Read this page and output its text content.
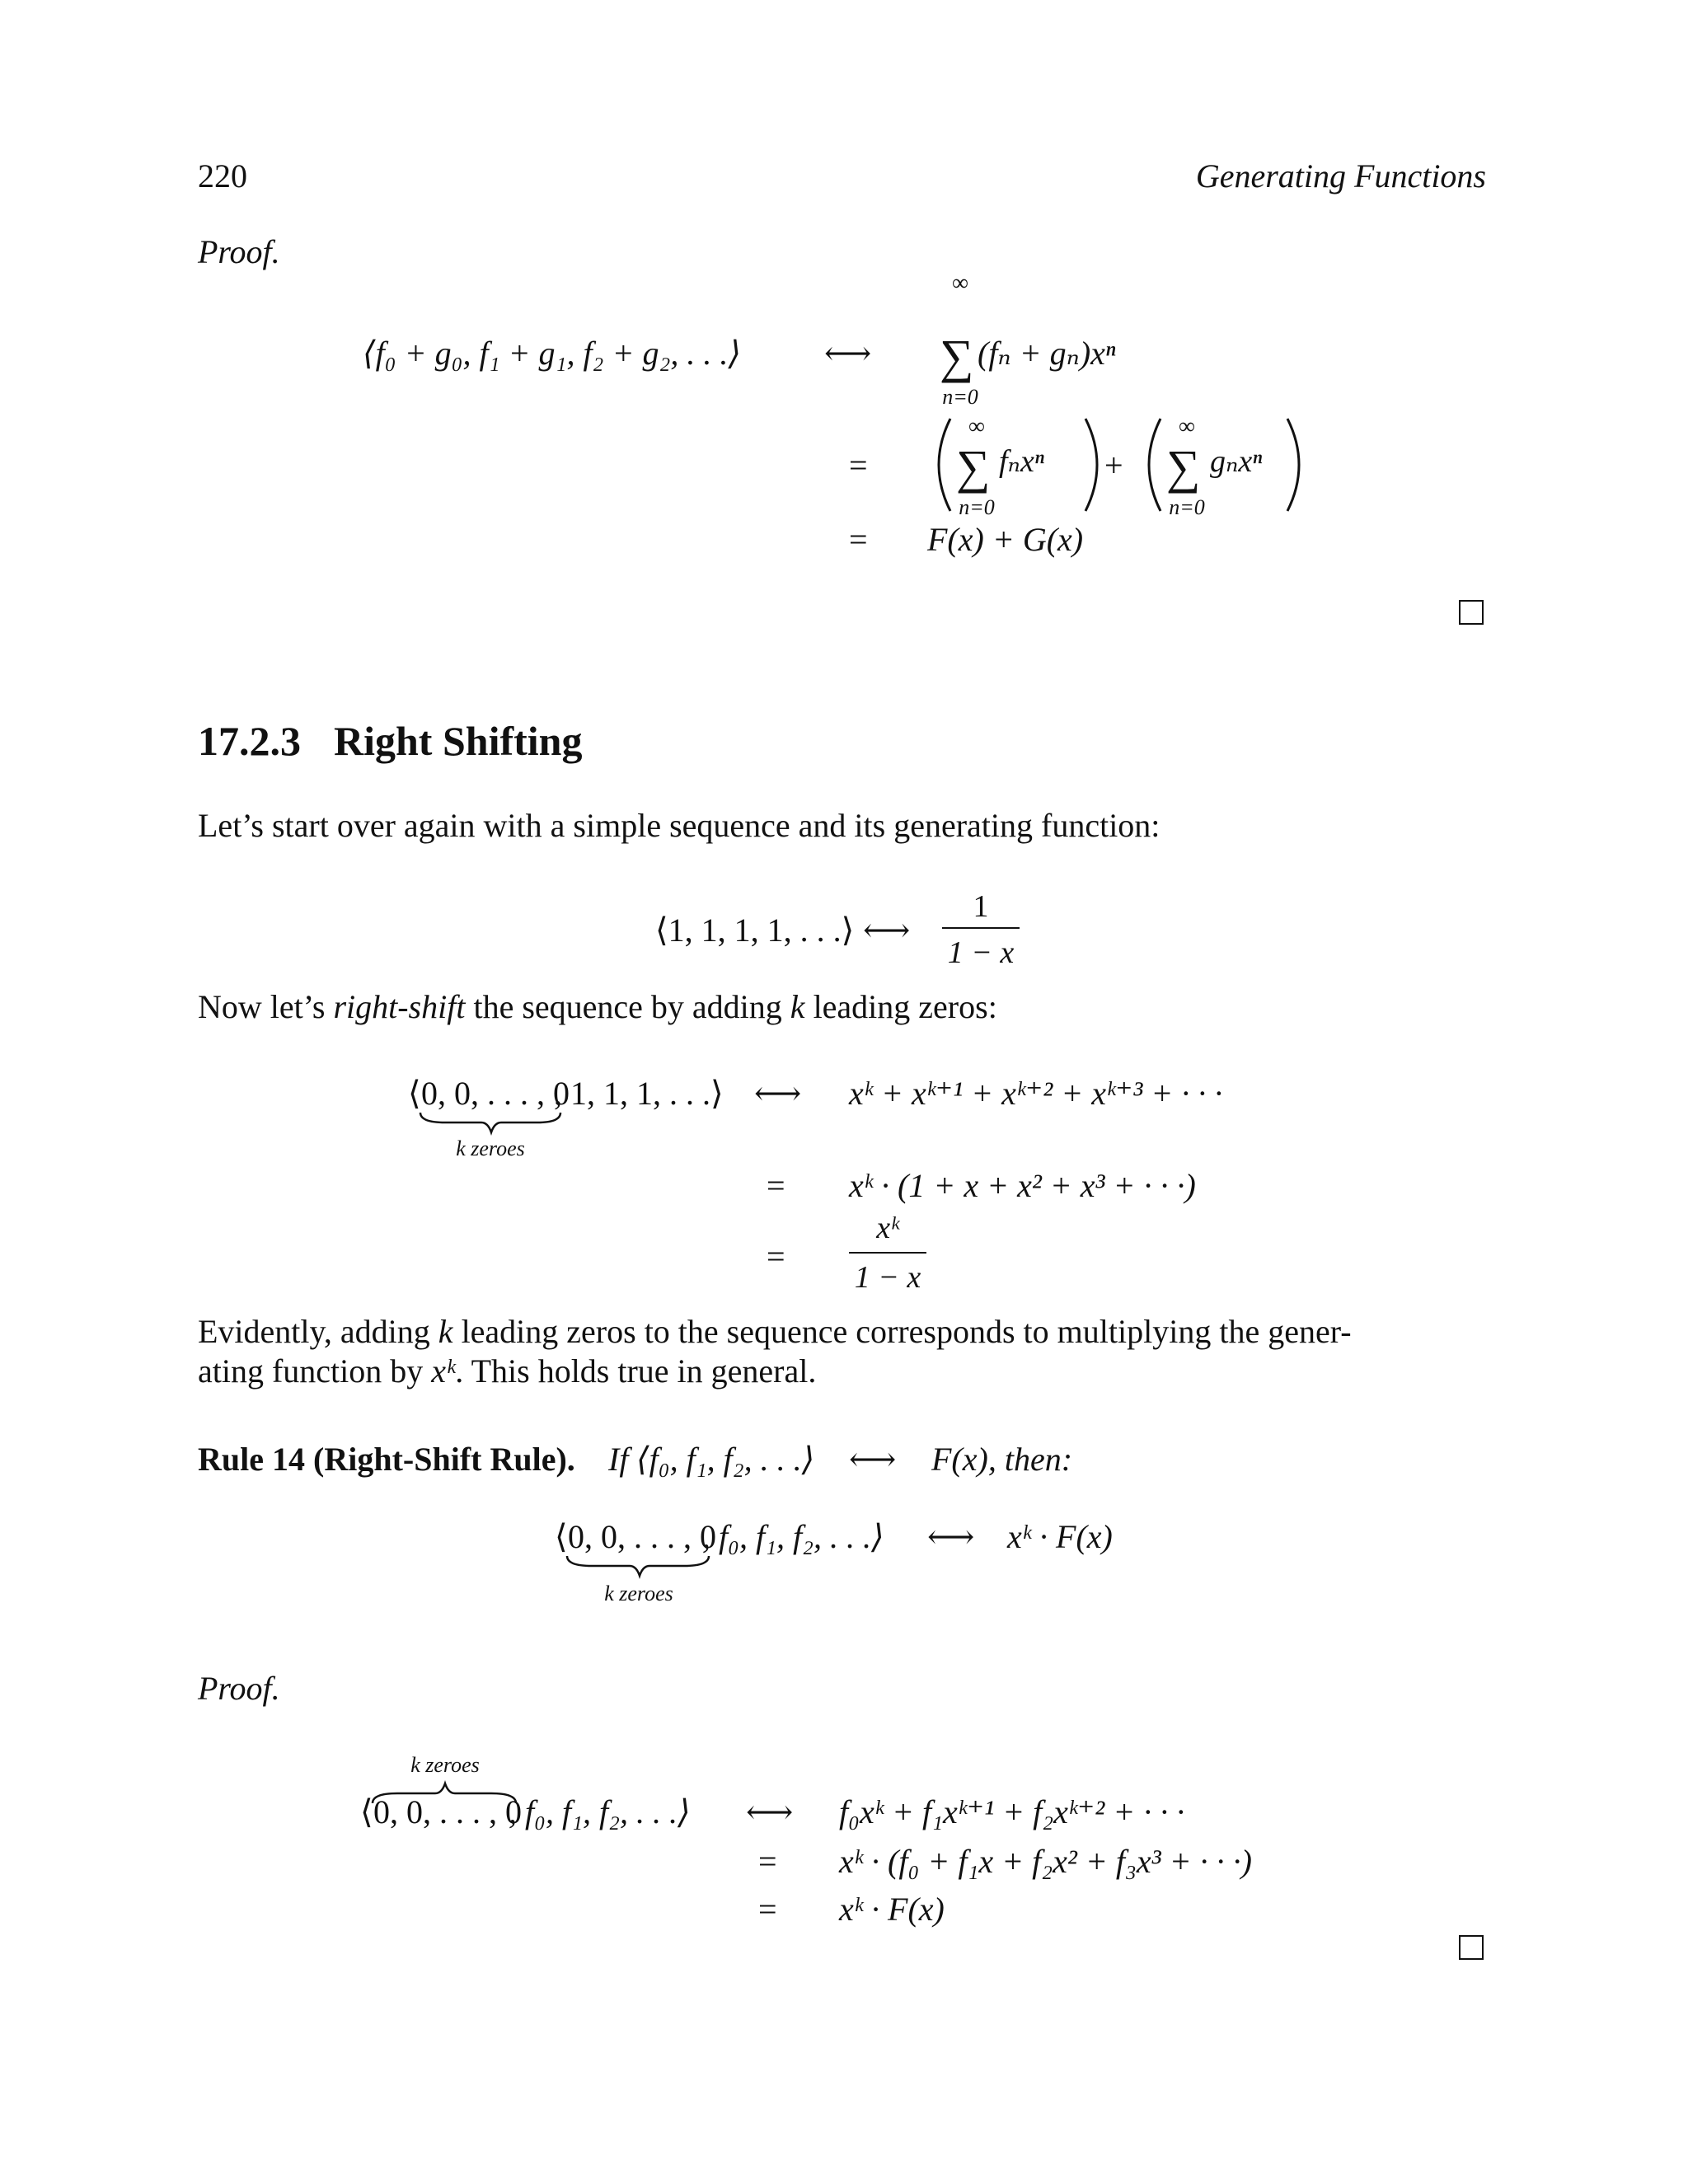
220	Generating Functions
Proof.
17.2.3 Right Shifting
Let’s start over again with a simple sequence and its generating function:
Now let’s right-shift the sequence by adding k leading zeros:
Evidently, adding k leading zeros to the sequence corresponds to multiplying the gener-
ating function by xᵏ. This holds true in general.
⟨f₀ + g₀, f₁ + g₁, f₂ + g₂, . . .⟩	⟷
∞
∑
n=0
(fₙ + gₙ)xⁿ
=
∞
∑
n=0
fₙxⁿ +
∞
∑
n=0
gₙxⁿ
= F(x) + G(x)
⟨1, 1, 1, 1, . . .⟩ ⟷
1
1 − x
⟨ 0, 0, . . . , 0
, 1, 1, 1, . . .⟩
k zeroes
⟷ xᵏ + xᵏ⁺¹ + xᵏ⁺² + xᵏ⁺³ + · · ·
= xᵏ · (1 + x + x² + x³ + · · ·)
=
xᵏ
1 − x
Rule 14 (Right-Shift Rule). If ⟨f₀, f₁, f₂, . . .⟩ ⟷ F(x), then:
⟨ 0, 0, . . . , 0
, f₀, f₁, f₂, . . .⟩
k zeroes
⟷ xᵏ · F(x)
Proof.
k zeroes
⟨ 0, 0, . . . , 0
, f₀, f₁, f₂, . . .⟩ ⟷ f₀xᵏ + f₁xᵏ⁺¹ + f₂xᵏ⁺² + · · ·
= xᵏ · (f₀ + f₁x + f₂x² + f₃x³ + · · ·)
= xᵏ · F(x)
